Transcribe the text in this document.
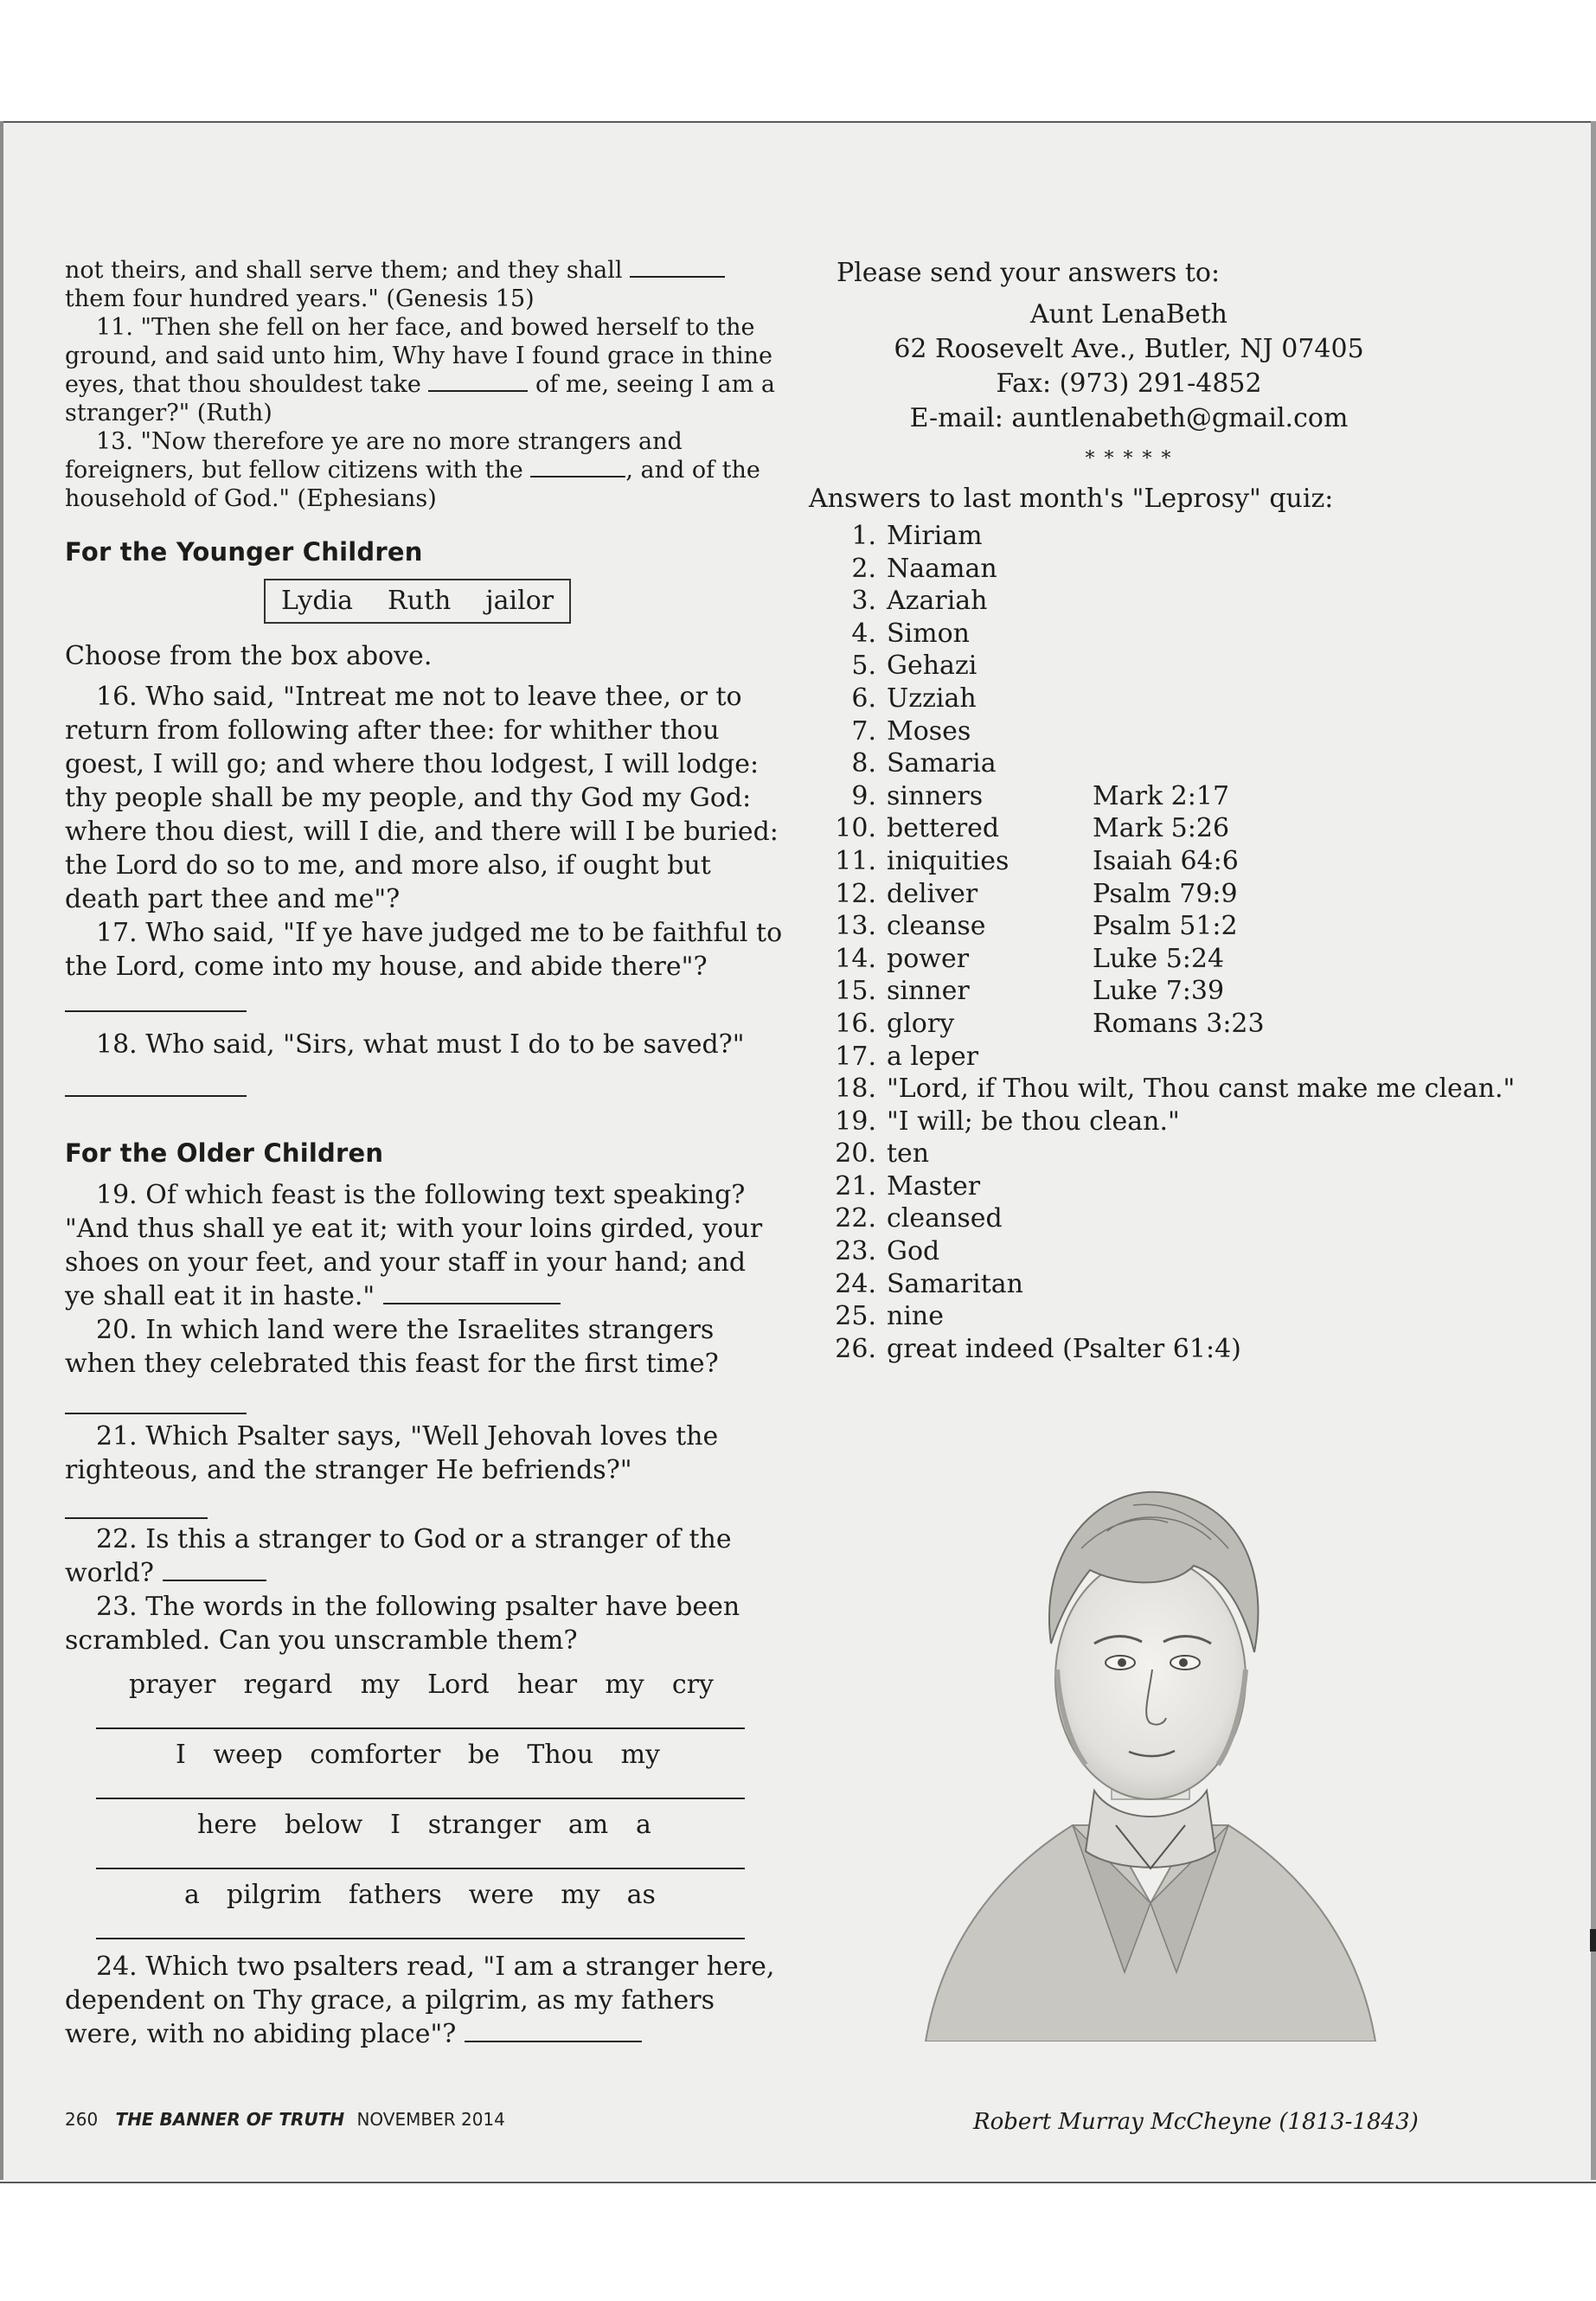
not theirs, and shall serve them; and they shall  them four hundred years." (Genesis 15)

11. "Then she fell on her face, and bowed herself to the ground, and said unto him, Why have I found grace in thine eyes, that thou shouldest take	of me, seeing I am a stranger?" (Ruth)

13. "Now therefore ye are no more strangers and foreigners, but fellow citizens with the	, and of the household of God." (Ephesians)

For the Younger Children
Lydia Ruth jailor

Choose from the box above.

16. Who said, "Intreat me not to leave thee, or to return from following after thee: for whither thou goest, I will go; and where thou lodgest, I will lodge: thy people shall be my people, and thy God my God: where thou diest, will I die, and there will I be buried: the Lord do so to me, and more also, if ought but death part thee and me"?

17. Who said, "If ye have judged me to be faithful to the Lord, come into my house, and abide there"?

18. Who said, "Sirs, what must I do to be saved?"

For the Older Children

19. Of which feast is the following text speaking? "And thus shall ye eat it; with your loins girded, your shoes on your feet, and your staff in your hand; and ye shall eat it in haste."

20. In which land were the Israelites strangers when they celebrated this feast for the first time?

21. Which Psalter says, "Well Jehovah loves the righteous, and the stranger He befriends?"

22. Is this a stranger to God or a stranger of the world?

23. The words in the following psalter have been scrambled. Can you unscramble them?

prayer regard my Lord hear my cry
I weep comforter be Thou my
here below I stranger am a
a pilgrim fathers were my as

24. Which two psalters read, "I am a stranger here, dependent on Thy grace, a pilgrim, as my fathers were, with no abiding place"?

Please send your answers to:

Aunt LenaBeth
62 Roosevelt Ave., Butler, NJ 07405
Fax: (973) 291-4852
E-mail: auntlenabeth@gmail.com
* * * * *

Answers to last month's "Leprosy" quiz:

1. Miriam
2. Naaman
3. Azariah
4. Simon
5. Gehazi
6. Uzziah
7. Moses
8. Samaria
9. sinners	Mark 2:17
10. bettered	Mark 5:26
11. iniquities	Isaiah 64:6
12. deliver	Psalm 79:9
13. cleanse	Psalm 51:2
14. power	Luke 5:24
15. sinner	Luke 7:39
16. glory	Romans 3:23
17. a leper
18. "Lord, if Thou wilt, Thou canst make me clean."
19. "I will; be thou clean."
20. ten
21. Master
22. cleansed
23. God
24. Samaritan
25. nine
26. great indeed (Psalter 61:4)
Robert Murray McCheyne (1813-1843)
260 THE BANNER OF TRUTH NOVEMBER 2014
